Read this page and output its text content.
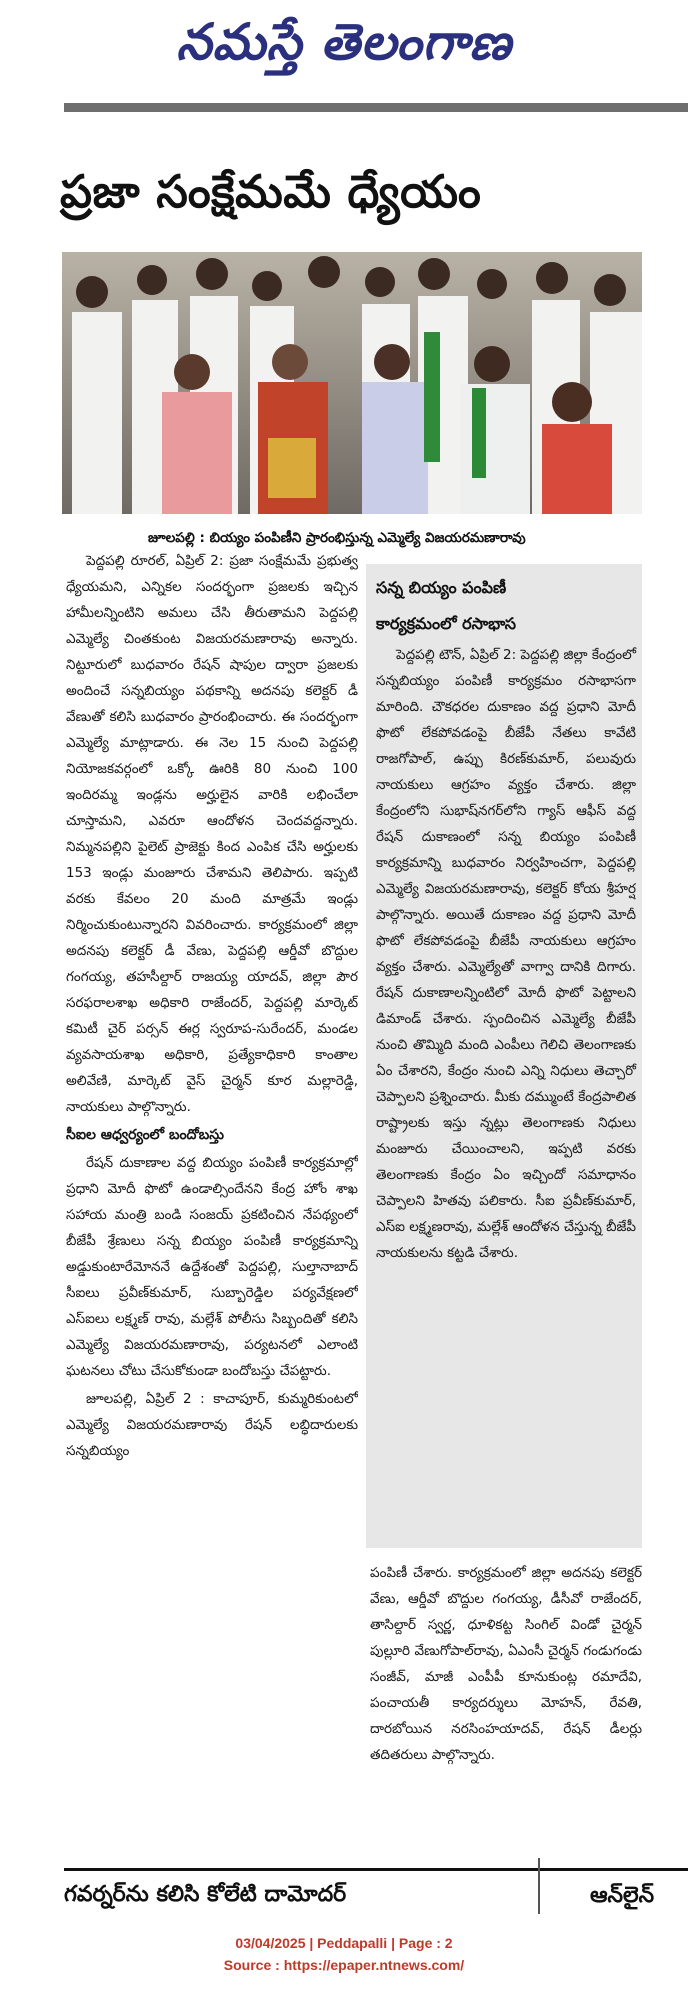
నమస్తే తెలంగాణ
ప్రజా సంక్షేమమే ధ్యేయం
జూలపల్లి : బియ్యం పంపిణీని ప్రారంభిస్తున్న ఎమ్మెల్యే విజయరమణారావు

పెద్దపల్లి రూరల్, ఏప్రిల్ 2: ప్రజా సంక్షేమమే ప్రభుత్వ ధ్యేయమని, ఎన్నికల సందర్భంగా ప్రజలకు ఇచ్చిన హామీలన్నింటిని అమలు చేసి తీరుతామని పెద్దపల్లి ఎమ్మెల్యే చింతకుంట విజయరమణారావు అన్నారు. నిట్టూరులో బుధవారం రేషన్ షాపుల ద్వారా ప్రజలకు అందించే సన్నబియ్యం పథకాన్ని అదనపు కలెక్టర్ డీ వేణుతో కలిసి బుధవారం ప్రారంభించారు. ఈ సందర్భంగా ఎమ్మెల్యే మాట్లాడారు. ఈ నెల 15 నుంచి పెద్దపల్లి నియోజకవర్గంలో ఒక్కో ఊరికి 80 నుంచి 100 ఇందిరమ్మ ఇండ్లను అర్హులైన వారికి లభించేలా చూస్తామని, ఎవరూ ఆందోళన చెందవద్దన్నారు. నిమ్మనపల్లిని పైలెట్ ప్రాజెక్టు కింద ఎంపిక చేసి అర్హులకు 153 ఇండ్లు మంజూరు చేశామని తెలిపారు. ఇప్పటి వరకు కేవలం 20 మంది మాత్రమే ఇండ్లు నిర్మించుకుంటున్నారని వివరించారు. కార్యక్రమంలో జిల్లా అదనపు కలెక్టర్ డీ వేణు, పెద్దపల్లి ఆర్డీవో బొద్దుల గంగయ్య, తహసీల్దార్ రాజయ్య యాదవ్, జిల్లా పౌర సరఫరాలశాఖ అధికారి రాజేందర్, పెద్దపల్లి మార్కెట్ కమిటీ చైర్ పర్సన్ ఈర్ల స్వరూప-సురేందర్, మండల వ్యవసాయశాఖ అధికారి, ప్రత్యేకాధికారి కాంతాల అలివేణి, మార్కెట్ వైస్ చైర్మన్ కూర మల్లారెడ్డి, నాయకులు పాల్గొన్నారు.

సీఐల ఆధ్వర్యంలో బందోబస్తు

రేషన్ దుకాణాల వద్ద బియ్యం పంపిణీ కార్యక్రమాల్లో ప్రధాని మోదీ ఫొటో ఉండాల్సిందేనని కేంద్ర హోం శాఖ సహాయ మంత్రి బండి సంజయ్ ప్రకటించిన నేపథ్యంలో బీజేపీ శ్రేణులు సన్న బియ్యం పంపిణీ కార్యక్రమాన్ని అడ్డుకుంటారేమోననే ఉద్దేశంతో పెద్దపల్లి, సుల్తానాబాద్ సీఐలు ప్రవీణ్‌కుమార్, సుబ్బారెడ్డిల పర్యవేక్షణలో ఎస్ఐలు లక్ష్మణ్ రావు, మల్లేశ్ పోలీసు సిబ్బందితో కలిసి ఎమ్మెల్యే విజయరమణారావు, పర్యటనలో ఎలాంటి ఘటనలు చోటు చేసుకోకుండా బందోబస్తు చేపట్టారు.

జూలపల్లి, ఏప్రిల్ 2 : కాచాపూర్, కుమ్మరికుంటలో ఎమ్మెల్యే విజయరమణారావు రేషన్ లబ్ధిదారులకు సన్నబియ్యం

సన్న బియ్యం పంపిణీ
కార్యక్రమంలో రసాభాస

పెద్దపల్లి టౌన్, ఏప్రిల్ 2: పెద్దపల్లి జిల్లా కేంద్రంలో సన్నబియ్యం పంపిణీ కార్యక్రమం రసాభాసగా మారింది. చౌకధరల దుకాణం వద్ద ప్రధాని మోదీ ఫొటో లేకపోవడంపై బీజేపీ నేతలు కావేటి రాజగోపాల్, ఉప్పు కిరణ్‌కుమార్, పలువురు నాయకులు ఆగ్రహం వ్యక్తం చేశారు. జిల్లా కేంద్రంలోని సుభాష్‌నగర్‌లోని గ్యాస్ ఆఫీస్ వద్ద రేషన్ దుకాణంలో సన్న బియ్యం పంపిణీ కార్యక్రమాన్ని బుధవారం నిర్వహించగా, పెద్దపల్లి ఎమ్మెల్యే విజయరమణారావు, కలెక్టర్ కోయ శ్రీహర్ష పాల్గొన్నారు. అయితే దుకాణం వద్ద ప్రధాని మోదీ ఫొటో లేకపోవడంపై బీజేపీ నాయకులు ఆగ్రహం వ్యక్తం చేశారు. ఎమ్మెల్యేతో వాగ్వా దానికి దిగారు. రేషన్ దుకాణాలన్నింటిలో మోదీ ఫొటో పెట్టాలని డిమాండ్ చేశారు. స్పందించిన ఎమ్మెల్యే బీజేపీ నుంచి తొమ్మిది మంది ఎంపీలు గెలిచి తెలంగాణకు ఏం చేశారని, కేంద్రం నుంచి ఎన్ని నిధులు తెచ్చారో చెప్పాలని ప్రశ్నించారు. మీకు దమ్ముంటే కేంద్రపాలిత రాష్ట్రాలకు ఇస్తు న్నట్లు తెలంగాణకు నిధులు మంజూరు చేయించాలని, ఇప్పటి వరకు తెలంగాణకు కేంద్రం ఏం ఇచ్చిందో సమాధానం చెప్పాలని హితవు పలికారు. సీఐ ప్రవీణ్‌కుమార్, ఎస్ఐ లక్ష్మణరావు, మల్లేశ్ ఆందోళన చేస్తున్న బీజేపీ నాయకులను కట్టడి చేశారు.

పంపిణీ చేశారు. కార్యక్రమంలో జిల్లా అదనపు కలెక్టర్ వేణు, ఆర్డీవో బొద్దుల గంగయ్య, డీసీవో రాజేందర్, తాసిల్దార్ స్వర్ణ, ధూళికట్ట సింగిల్ విండో చైర్మన్ పుల్లూరి వేణుగోపాల్‌రావు, ఏఎంసీ చైర్మన్ గండుగండు సంజీవ్, మాజీ ఎంపీపీ కూనుకుంట్ల రమాదేవి, పంచాయతీ కార్యదర్శులు మోహన్, రేవతి, దారబోయిన నరసింహయాదవ్, రేషన్ డీలర్లు తదితరులు పాల్గొన్నారు.

గవర్నర్‌ను కలిసి కోలేటి దామోదర్	ఆన్‌లైన్
03/04/2025 | Peddapalli | Page : 2
Source : https://epaper.ntnews.com/
